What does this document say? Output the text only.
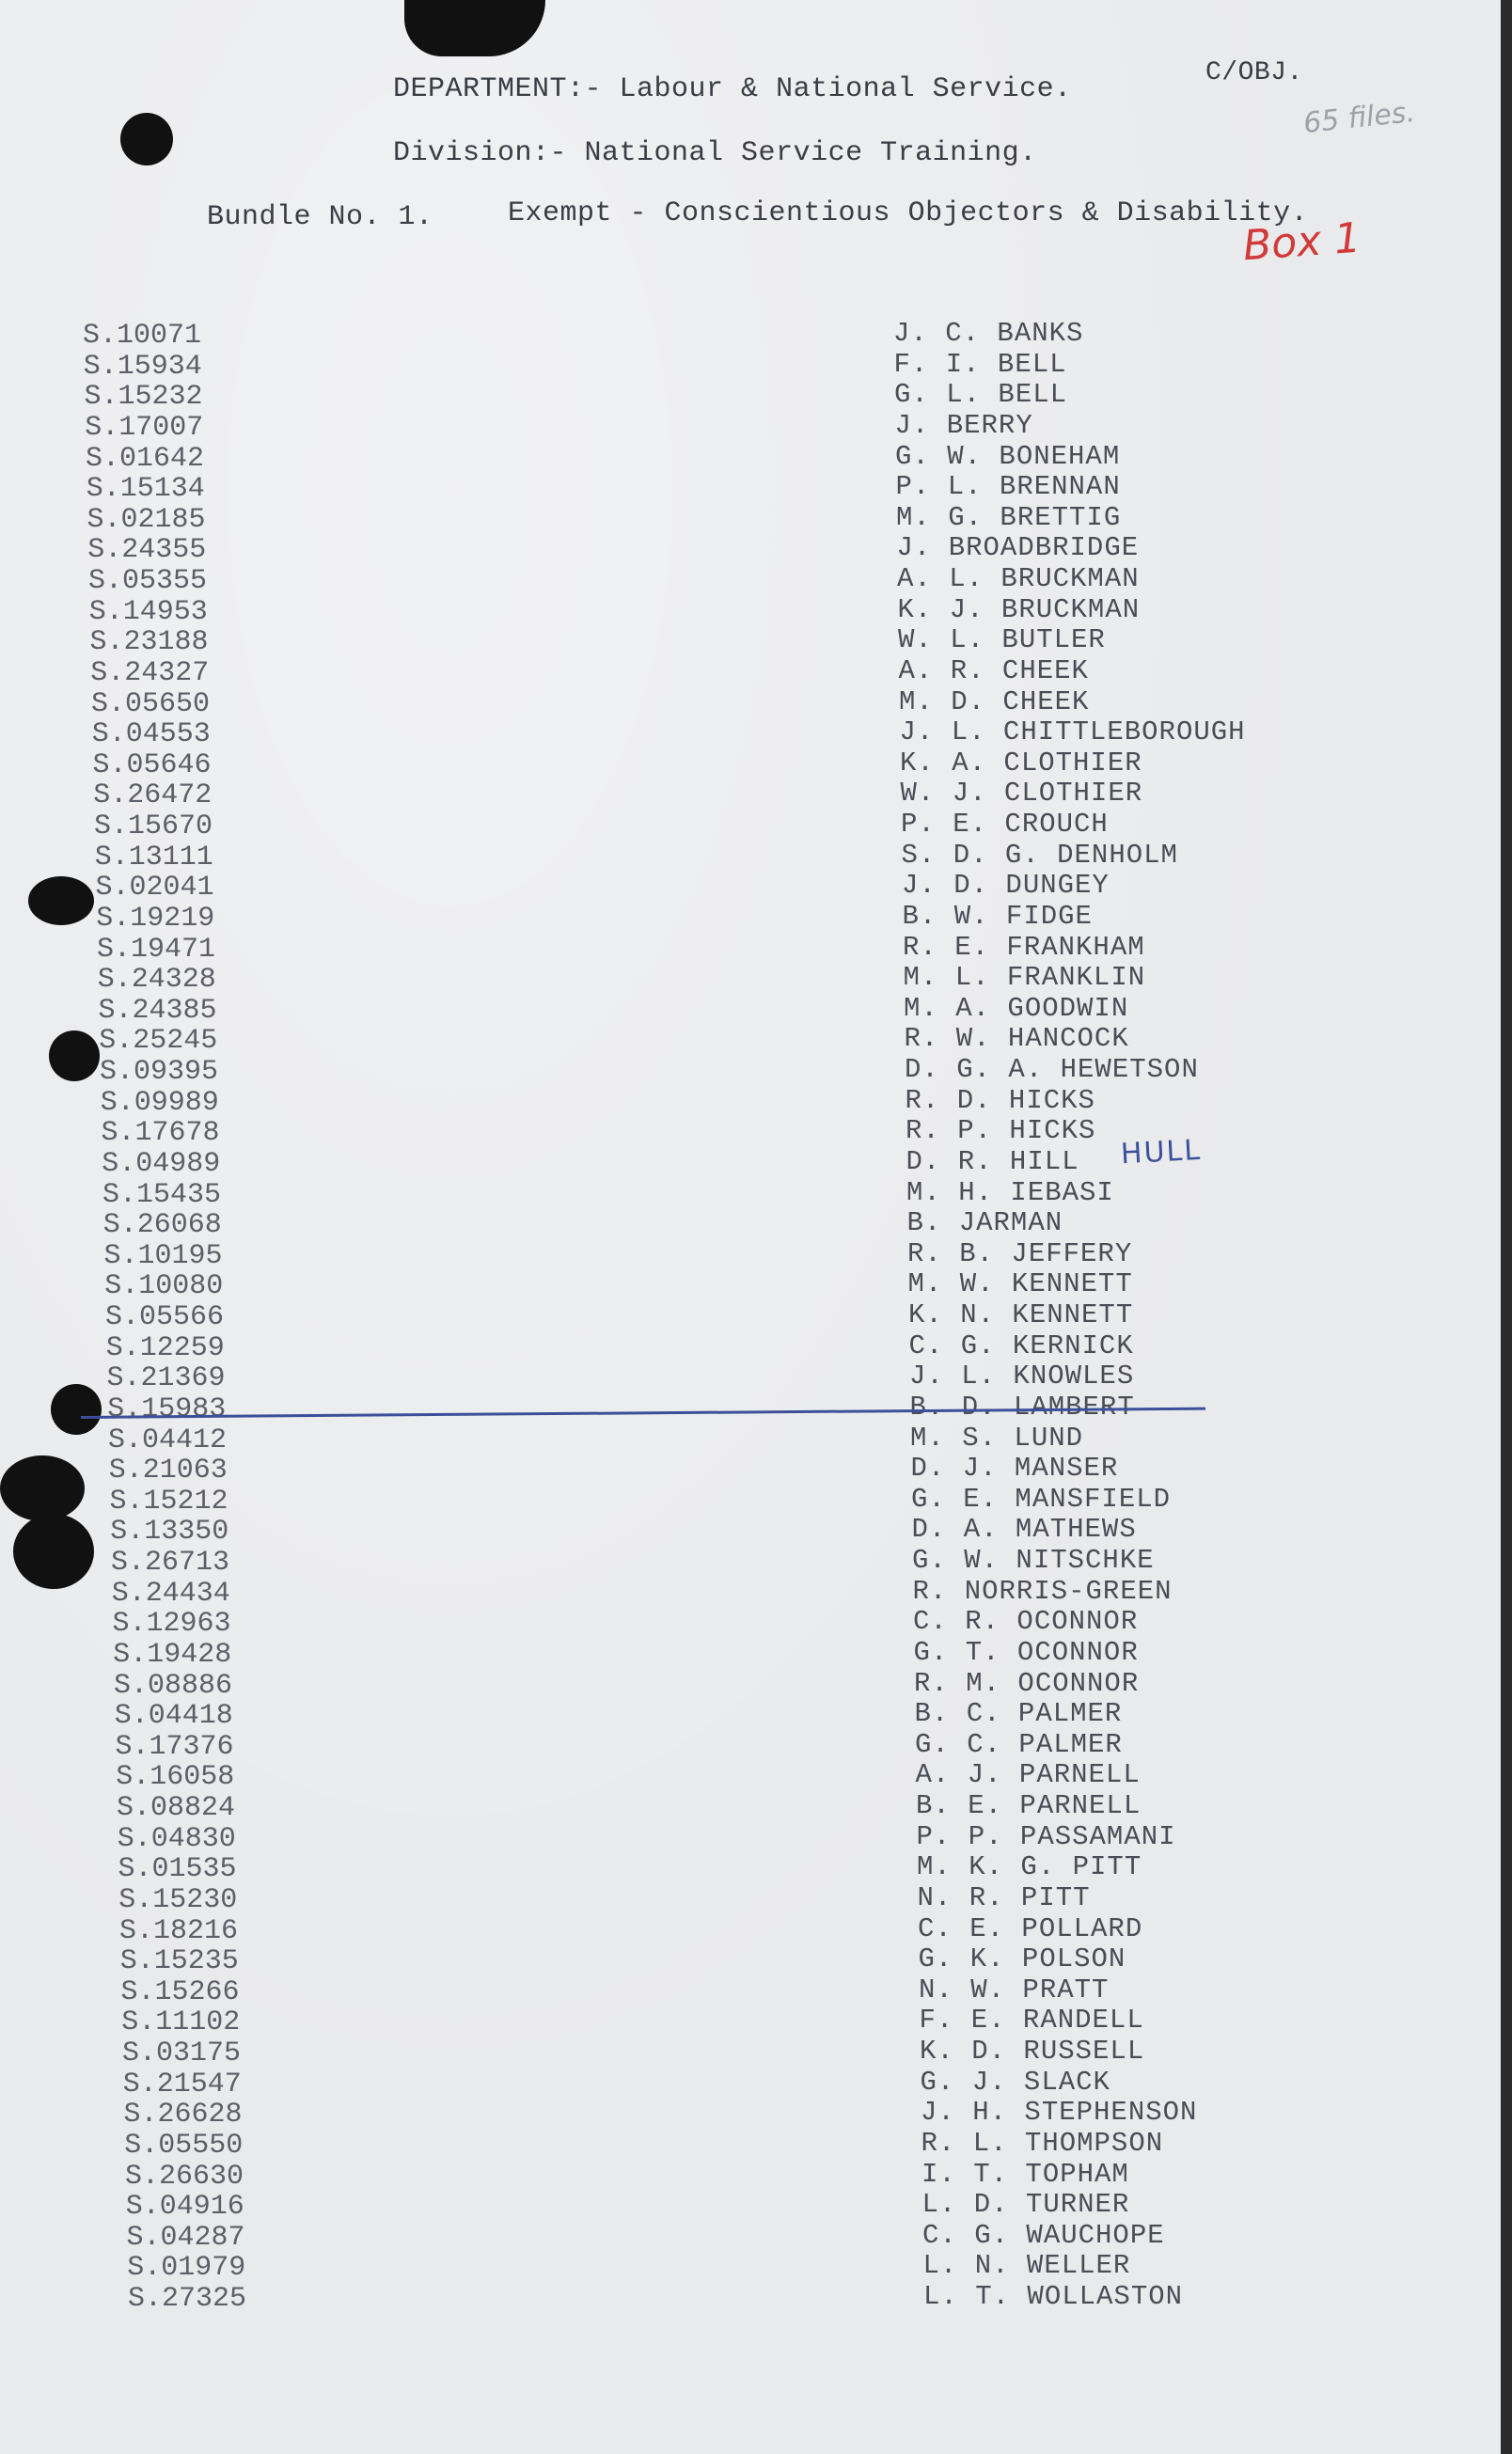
DEPARTMENT:- Labour & National Service.
C/OBJ.
65 files.
Division:- National Service Training.
Bundle No. 1.	Exempt - Conscientious Objectors & Disability.
Box 1
S.10071	J. C. BANKS
S.15934	F. I. BELL
S.15232	G. L. BELL
S.17007	J. BERRY
S.01642	G. W. BONEHAM
S.15134	P. L. BRENNAN
S.02185	M. G. BRETTIG
S.24355	J. BROADBRIDGE
S.05355	A. L. BRUCKMAN
S.14953	K. J. BRUCKMAN
S.23188	W. L. BUTLER
S.24327	A. R. CHEEK
S.05650	M. D. CHEEK
S.04553	J. L. CHITTLEBOROUGH
S.05646	K. A. CLOTHIER
S.26472	W. J. CLOTHIER
S.15670	P. E. CROUCH
S.13111	S. D. G. DENHOLM
S.02041	J. D. DUNGEY
S.19219	B. W. FIDGE
S.19471	R. E. FRANKHAM
S.24328	M. L. FRANKLIN
S.24385	M. A. GOODWIN
S.25245	R. W. HANCOCK
S.09395	D. G. A. HEWETSON
S.09989	R. D. HICKS
S.17678	R. P. HICKS
S.04989	D. R. HILL
S.15435	M. H. IEBASI
S.26068	B. JARMAN
S.10195	R. B. JEFFERY
S.10080	M. W. KENNETT
S.05566	K. N. KENNETT
S.12259	C. G. KERNICK
S.21369	J. L. KNOWLES
S.15983	B. D. LAMBERT
S.04412	M. S. LUND
S.21063	D. J. MANSER
S.15212	G. E. MANSFIELD
S.13350	D. A. MATHEWS
S.26713	G. W. NITSCHKE
S.24434	R. NORRIS-GREEN
S.12963	C. R. OCONNOR
S.19428	G. T. OCONNOR
S.08886	R. M. OCONNOR
S.04418	B. C. PALMER
S.17376	G. C. PALMER
S.16058	A. J. PARNELL
S.08824	B. E. PARNELL
S.04830	P. P. PASSAMANI
S.01535	M. K. G. PITT
S.15230	N. R. PITT
S.18216	C. E. POLLARD
S.15235	G. K. POLSON
S.15266	N. W. PRATT
S.11102	F. E. RANDELL
S.03175	K. D. RUSSELL
S.21547	G. J. SLACK
S.26628	J. H. STEPHENSON
S.05550	R. L. THOMPSON
S.26630	I. T. TOPHAM
S.04916	L. D. TURNER
S.04287	C. G. WAUCHOPE
S.01979	L. N. WELLER
S.27325	L. T. WOLLASTON
HULL
